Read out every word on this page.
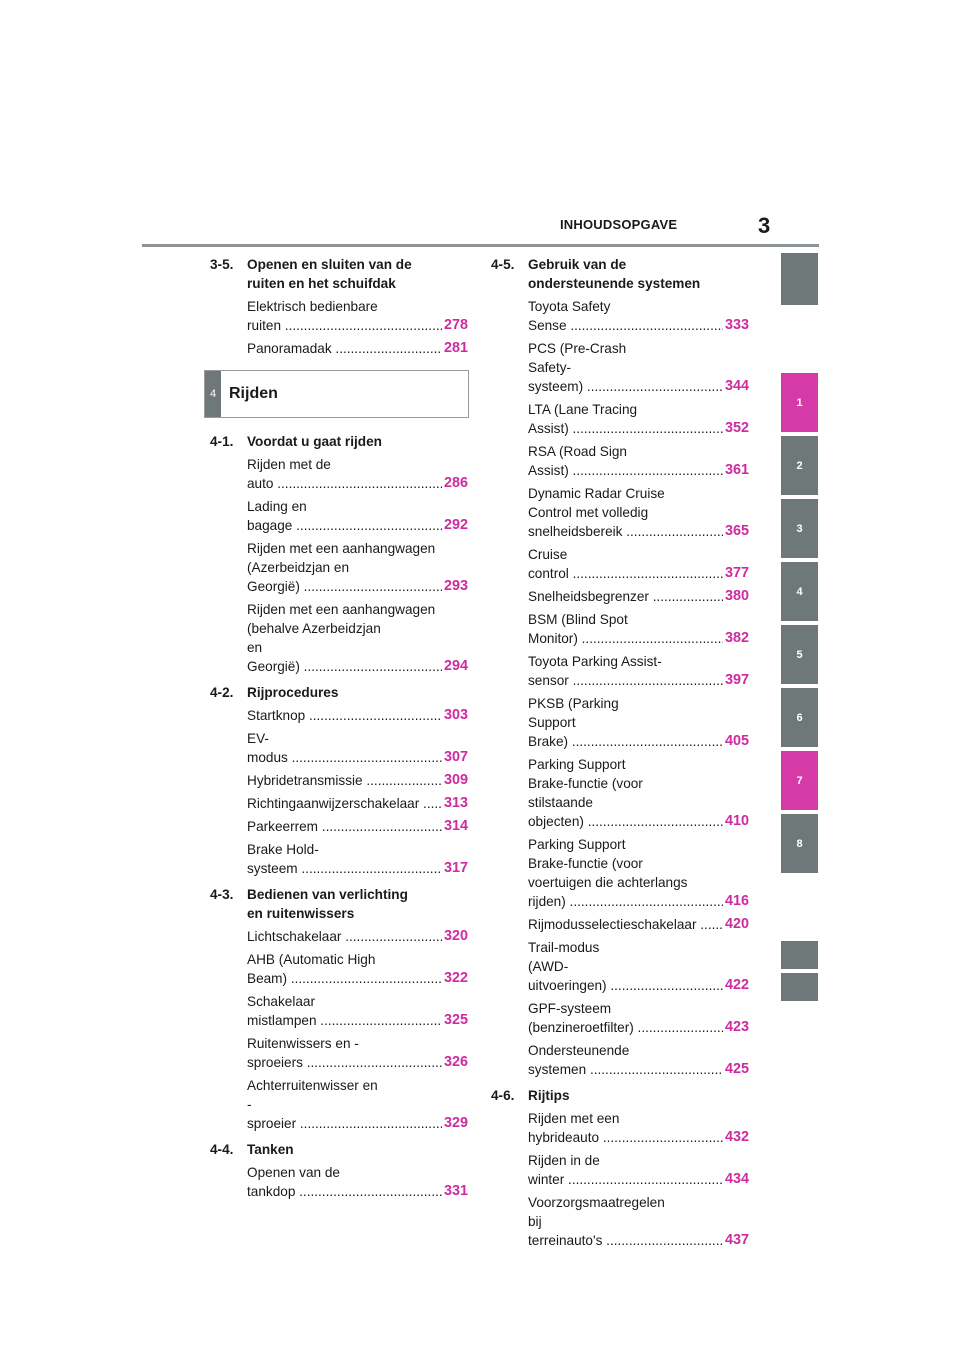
INHOUDSOPGAVE	3
3-5. Openen en sluiten van de
ruiten en het schuifdak
Elektrisch bedienbare ruiten .....	278
Panoramadak .....	281
4 Rijden
4-1. Voordat u gaat rijden
Rijden met de auto .....	286
Lading en bagage .....	292
Rijden met een aanhangwagen
(Azerbeidzjan en Georgië) .....	293
Rijden met een aanhangwagen
(behalve Azerbeidzjan
en Georgië) .....	294
4-2. Rijprocedures
Startknop .....	303
EV-modus .....	307
Hybridetransmissie .....	309
Richtingaanwijzerschakelaar .....	313
Parkeerrem .....	314
Brake Hold-systeem .....	317
4-3. Bedienen van verlichting
en ruitenwissers
Lichtschakelaar .....	320
AHB (Automatic High Beam) .....	322
Schakelaar mistlampen .....	325
Ruitenwissers en -sproeiers .....	326
Achterruitenwisser en
-sproeier .....	329
4-4. Tanken
Openen van de tankdop .....	331
4-5. Gebruik van de
ondersteunende systemen
Toyota Safety Sense .....	333
PCS (Pre-Crash
Safety-systeem) .....	344
LTA (Lane Tracing Assist) .....	352
RSA (Road Sign Assist) .....	361
Dynamic Radar Cruise
Control met volledig
snelheidsbereik .....	365
Cruise control .....	377
Snelheidsbegrenzer .....	380
BSM (Blind Spot Monitor) .....	382
Toyota Parking Assist-sensor .....	397
PKSB (Parking
Support Brake) .....	405
Parking Support
Brake-functie (voor
stilstaande objecten) .....	410
Parking Support
Brake-functie (voor
voertuigen die achterlangs
rijden) .....	416
Rijmodusselectieschakelaar .....	420
Trail-modus
(AWD-uitvoeringen) .....	422
GPF-systeem
(benzineroetfilter) .....	423
Ondersteunende systemen .....	425
4-6. Rijtips
Rijden met een hybrideauto .....	432
Rijden in de winter .....	434
Voorzorgsmaatregelen
bij terreinauto's .....	437
1
2
3
4
5
6
7
8
